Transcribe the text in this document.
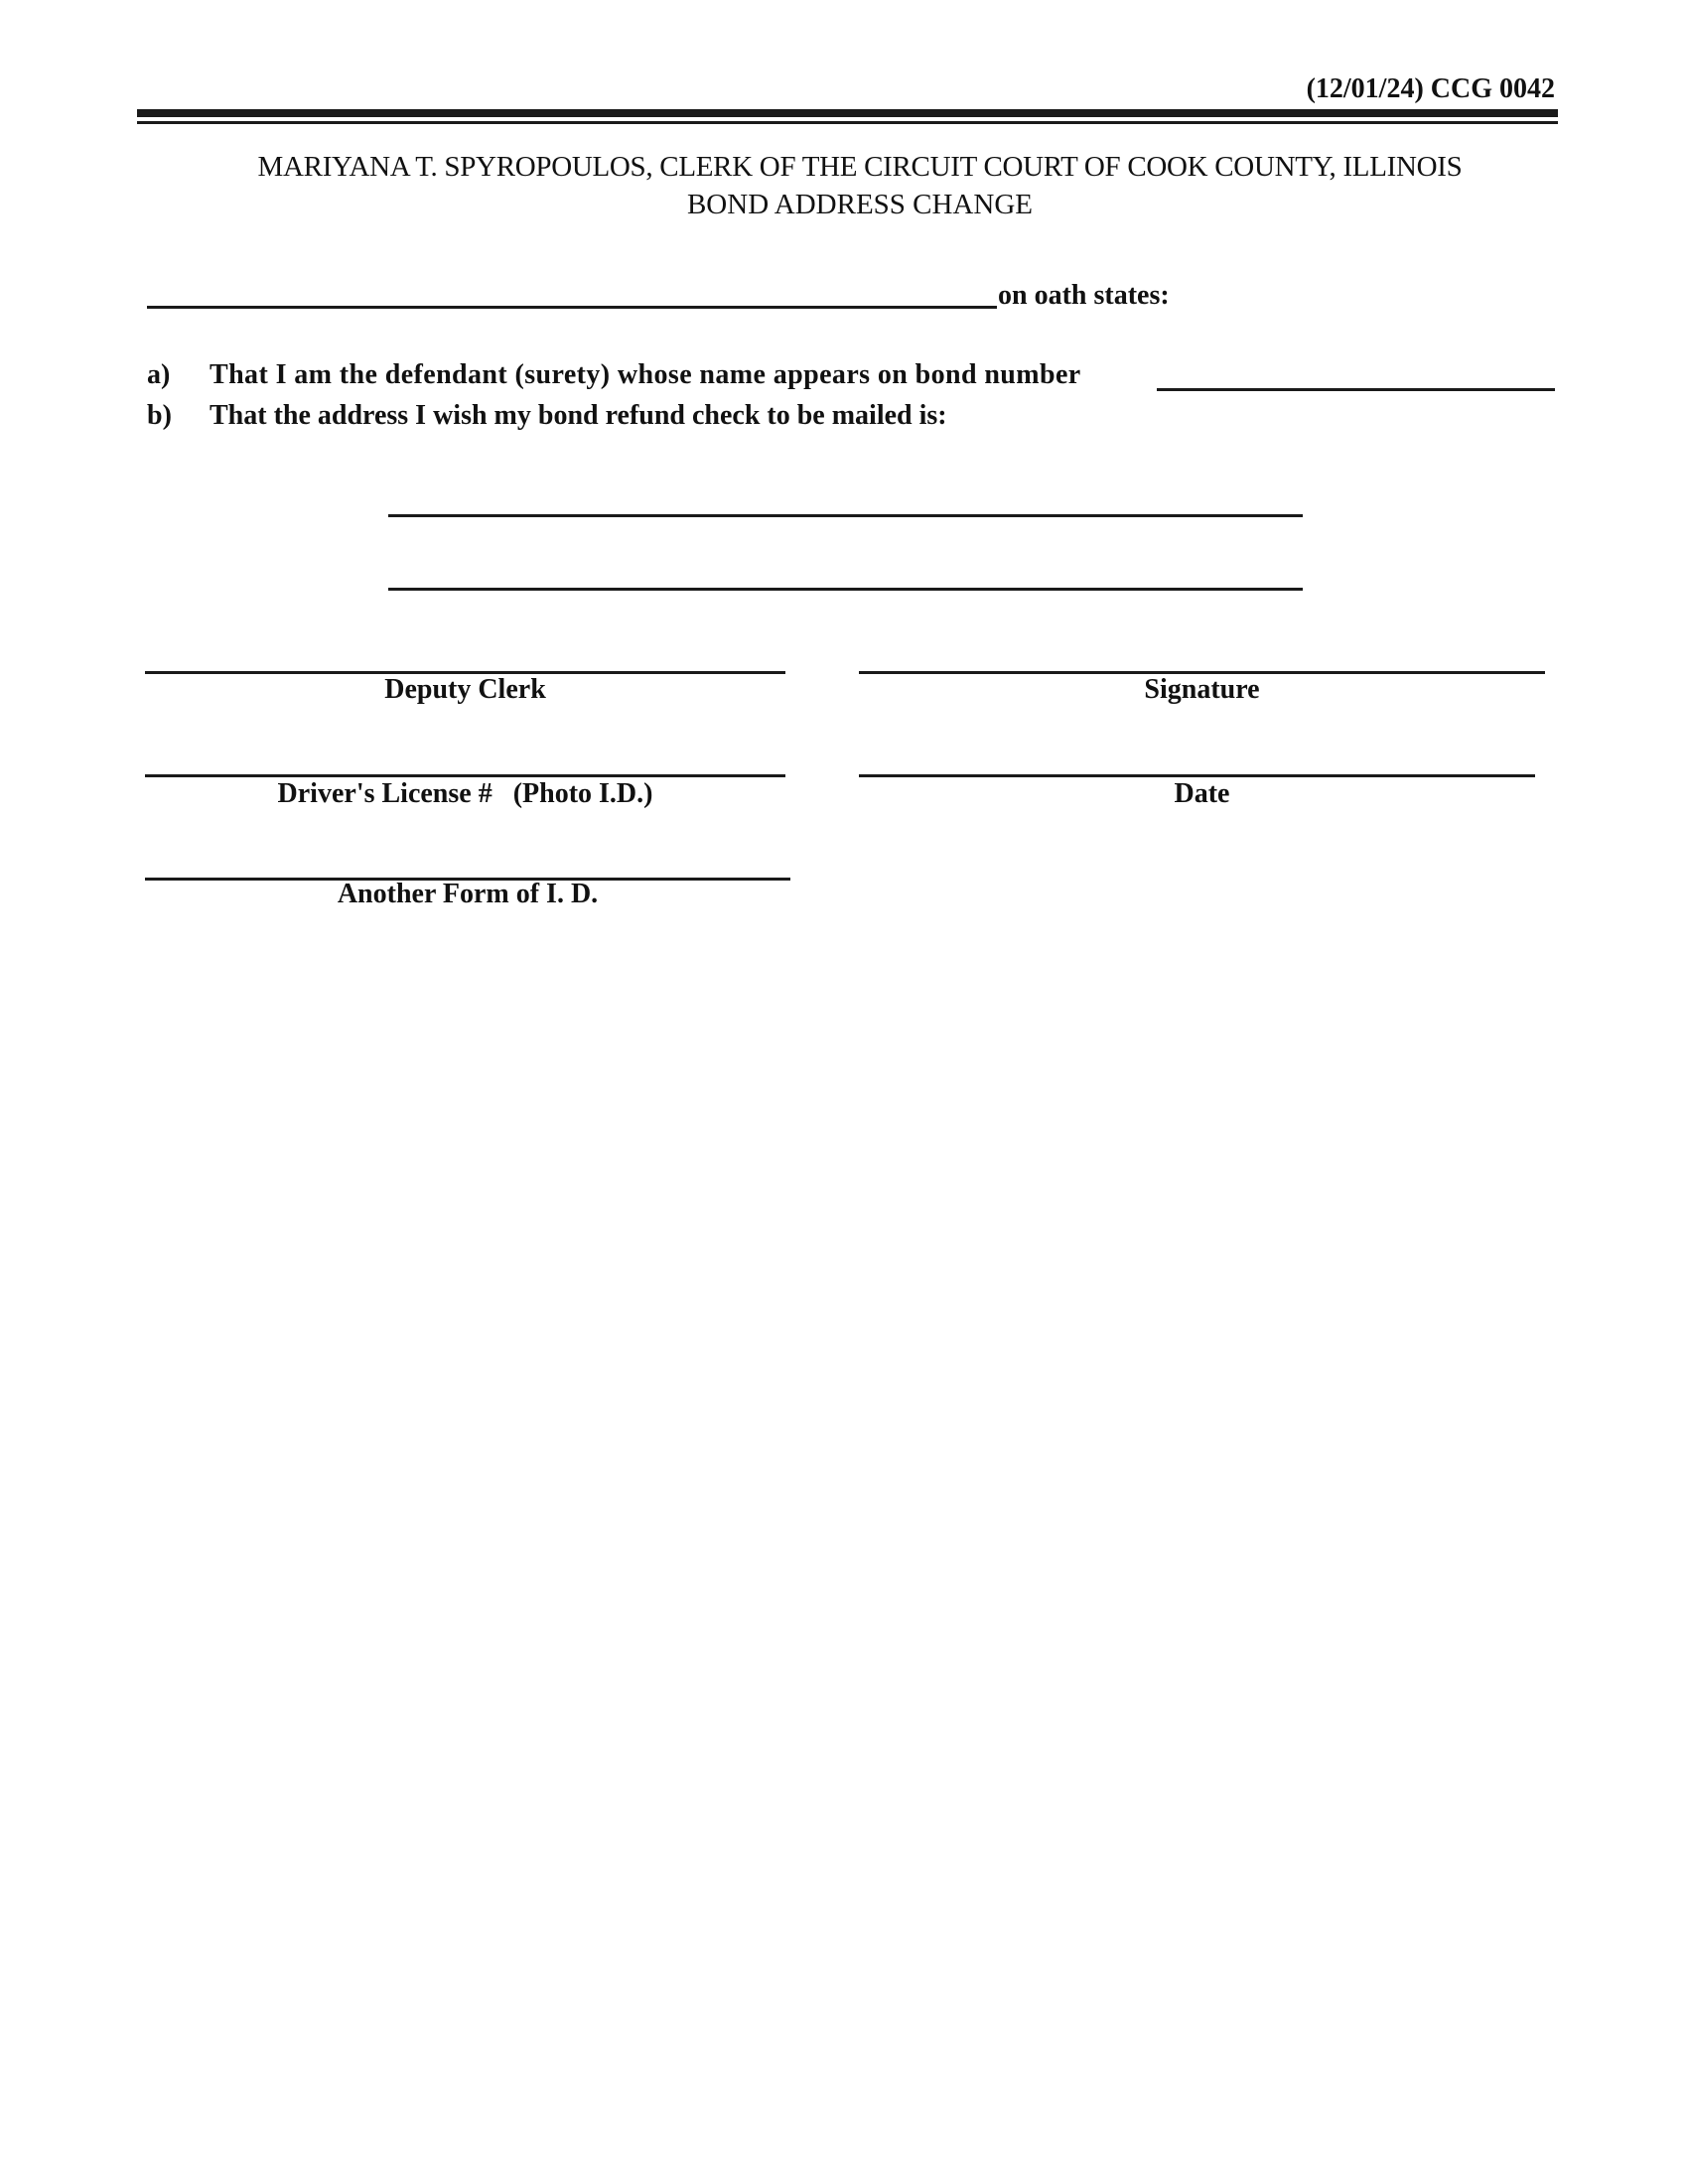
(12/01/24) CCG 0042
MARIYANA T. SPYROPOULOS, CLERK OF THE CIRCUIT COURT OF COOK COUNTY, ILLINOIS
BOND ADDRESS CHANGE
on oath states:
a) That I am the defendant (surety) whose name appears on bond number
b) That the address I wish my bond refund check to be mailed is:
Deputy Clerk	Signature
Driver's License #   (Photo I.D.)	Date
Another Form of I. D.
